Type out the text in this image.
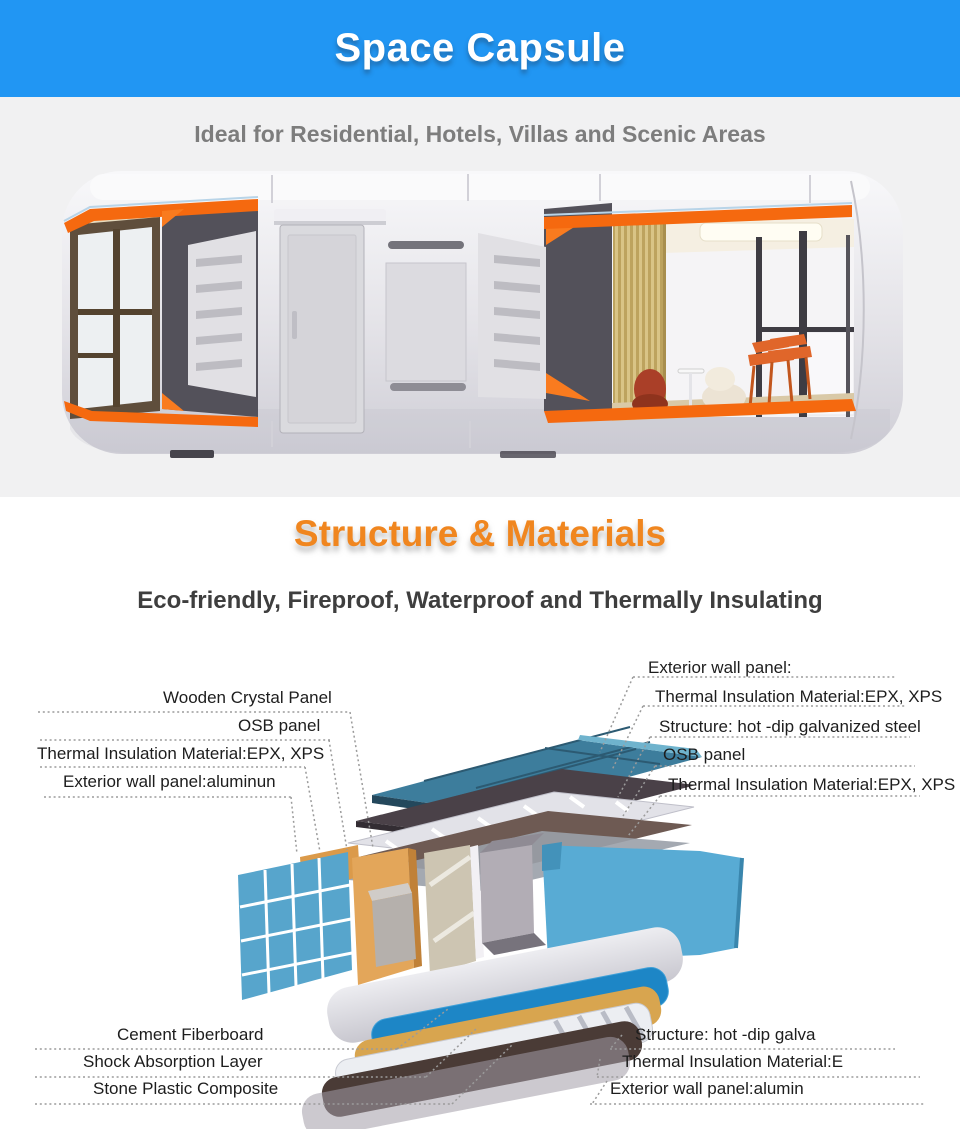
Space Capsule
Ideal for Residential, Hotels, Villas and Scenic Areas
Structure & Materials
Eco-friendly, Fireproof, Waterproof and Thermally Insulating
Wooden Crystal Panel
OSB panel
Thermal Insulation Material:EPX, XPS
Exterior wall panel:aluminun
Exterior wall panel:
Thermal Insulation Material:EPX, XPS
Structure: hot -dip galvanized steel
OSB panel
Thermal Insulation Material:EPX, XPS
Cement Fiberboard
Shock Absorption Layer
Stone Plastic Composite
Structure: hot -dip galva
Thermal Insulation Material:E
Exterior wall panel:alumin
